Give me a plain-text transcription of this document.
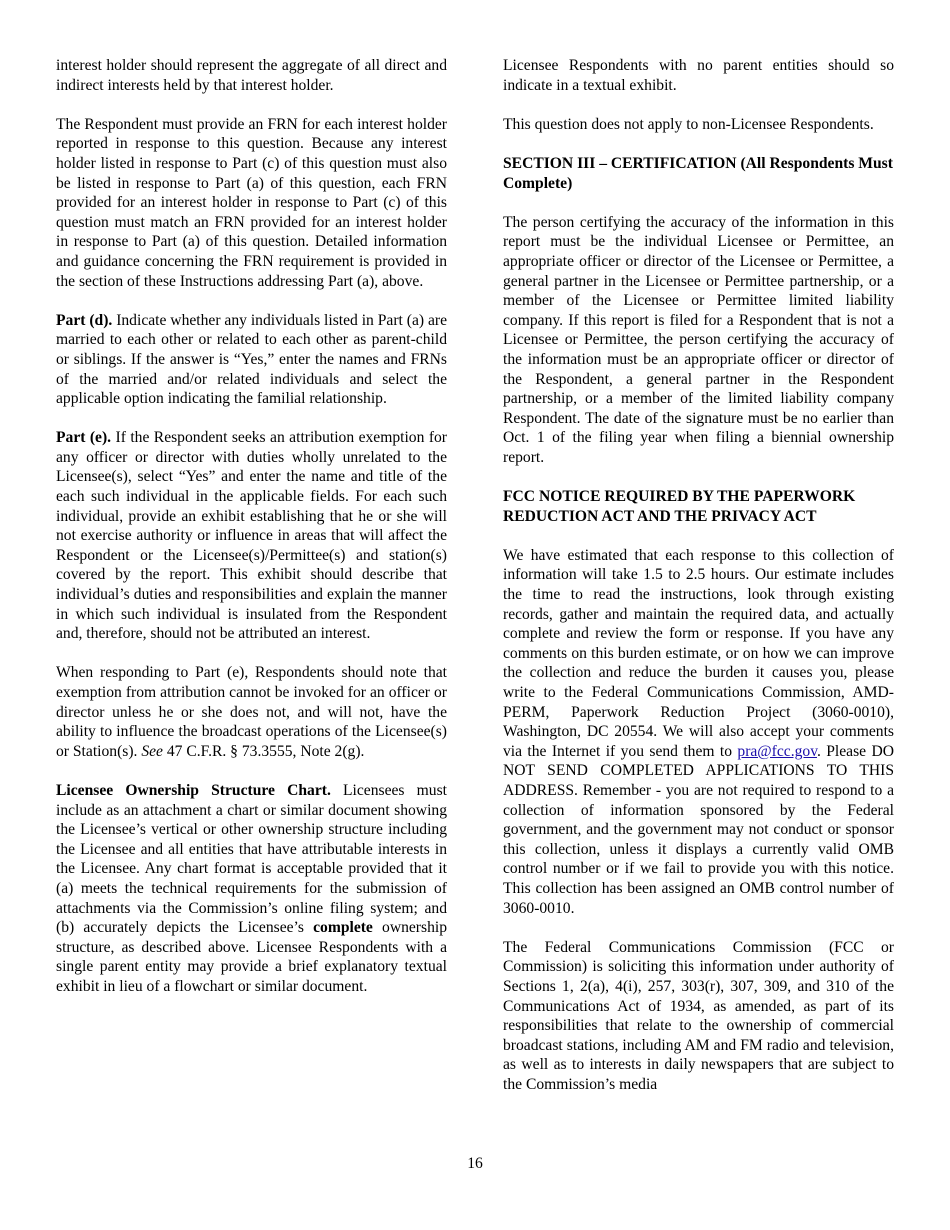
interest holder should represent the aggregate of all direct and indirect interests held by that interest holder.

The Respondent must provide an FRN for each interest holder reported in response to this question. Because any interest holder listed in response to Part (c) of this question must also be listed in response to Part (a) of this question, each FRN provided for an interest holder in response to Part (c) of this question must match an FRN provided for an interest holder in response to Part (a) of this question. Detailed information and guidance concerning the FRN requirement is provided in the section of these Instructions addressing Part (a), above.

Part (d). Indicate whether any individuals listed in Part (a) are married to each other or related to each other as parent-child or siblings. If the answer is “Yes,” enter the names and FRNs of the married and/or related individuals and select the applicable option indicating the familial relationship.

Part (e). If the Respondent seeks an attribution exemption for any officer or director with duties wholly unrelated to the Licensee(s), select “Yes” and enter the name and title of the each such individual in the applicable fields. For each such individual, provide an exhibit establishing that he or she will not exercise authority or influence in areas that will affect the Respondent or the Licensee(s)/Permittee(s) and station(s) covered by the report. This exhibit should describe that individual’s duties and responsibilities and explain the manner in which such individual is insulated from the Respondent and, therefore, should not be attributed an interest.

When responding to Part (e), Respondents should note that exemption from attribution cannot be invoked for an officer or director unless he or she does not, and will not, have the ability to influence the broadcast operations of the Licensee(s) or Station(s). See 47 C.F.R. § 73.3555, Note 2(g).

Licensee Ownership Structure Chart. Licensees must include as an attachment a chart or similar document showing the Licensee’s vertical or other ownership structure including the Licensee and all entities that have attributable interests in the Licensee. Any chart format is acceptable provided that it (a) meets the technical requirements for the submission of attachments via the Commission’s online filing system; and (b) accurately depicts the Licensee’s complete ownership structure, as described above. Licensee Respondents with a single parent entity may provide a brief explanatory textual exhibit in lieu of a flowchart or similar document.

Licensee Respondents with no parent entities should so indicate in a textual exhibit.

This question does not apply to non-Licensee Respondents.

SECTION III – CERTIFICATION (All Respondents Must Complete)

The person certifying the accuracy of the information in this report must be the individual Licensee or Permittee, an appropriate officer or director of the Licensee or Permittee, a general partner in the Licensee or Permittee partnership, or a member of the Licensee or Permittee limited liability company. If this report is filed for a Respondent that is not a Licensee or Permittee, the person certifying the accuracy of the information must be an appropriate officer or director of the Respondent, a general partner in the Respondent partnership, or a member of the limited liability company Respondent. The date of the signature must be no earlier than Oct. 1 of the filing year when filing a biennial ownership report.

FCC NOTICE REQUIRED BY THE PAPERWORK REDUCTION ACT AND THE PRIVACY ACT

We have estimated that each response to this collection of information will take 1.5 to 2.5 hours. Our estimate includes the time to read the instructions, look through existing records, gather and maintain the required data, and actually complete and review the form or response. If you have any comments on this burden estimate, or on how we can improve the collection and reduce the burden it causes you, please write to the Federal Communications Commission, AMD-PERM, Paperwork Reduction Project (3060-0010), Washington, DC 20554. We will also accept your comments via the Internet if you send them to pra@fcc.gov. Please DO NOT SEND COMPLETED APPLICATIONS TO THIS ADDRESS. Remember - you are not required to respond to a collection of information sponsored by the Federal government, and the government may not conduct or sponsor this collection, unless it displays a currently valid OMB control number or if we fail to provide you with this notice. This collection has been assigned an OMB control number of 3060-0010.

The Federal Communications Commission (FCC or Commission) is soliciting this information under authority of Sections 1, 2(a), 4(i), 257, 303(r), 307, 309, and 310 of the Communications Act of 1934, as amended, as part of its responsibilities that relate to the ownership of commercial broadcast stations, including AM and FM radio and television, as well as to interests in daily newspapers that are subject to the Commission’s media

16
